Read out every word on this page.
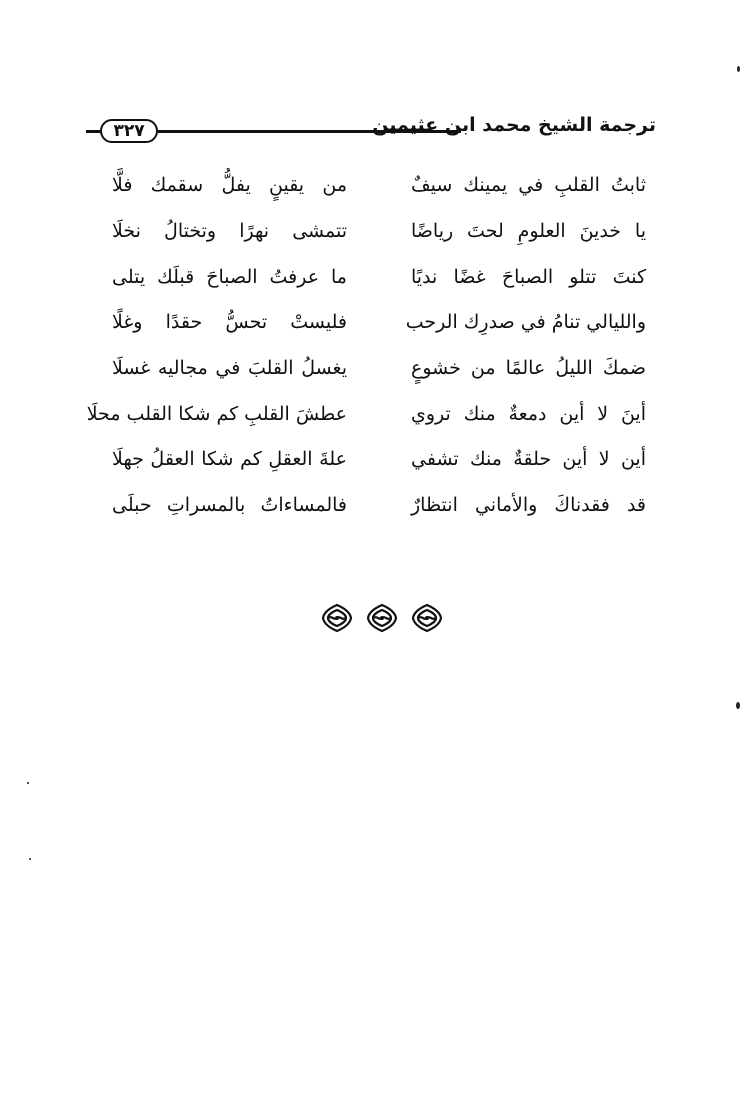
٣٢٧	ترجمة الشيخ محمد ابن عثيمين
ثابتُ القلبِ في يمينك سيفٌ
من يقينٍ يفلُّ سقمك فلَّا
يا خدينَ العلومِ لحتَ رياضًا
تتمشى نهرًا وتختالُ نخلَا
كنتَ تتلو الصباحَ غضًا نديًا
ما عرفتُ الصباحَ قبلَك يتلى
والليالي تنامُ في صدرِك الرحب
فليستْ تحسُّ حقدًا وغلًا
ضمكَ الليلُ عالمًا من خشوعٍ
يغسلُ القلبَ في مجاليه غسلَا
أينَ لا أين دمعةٌ منك تروي
عطشَ القلبِ كم شكا القلب محلَا
أين لا أين حلقةٌ منك تشفي
علةَ العقلِ كم شكا العقلُ جهلَا
قد فقدناكَ والأماني انتظارٌ
فالمساءاتُ بالمسراتِ حبلَى
